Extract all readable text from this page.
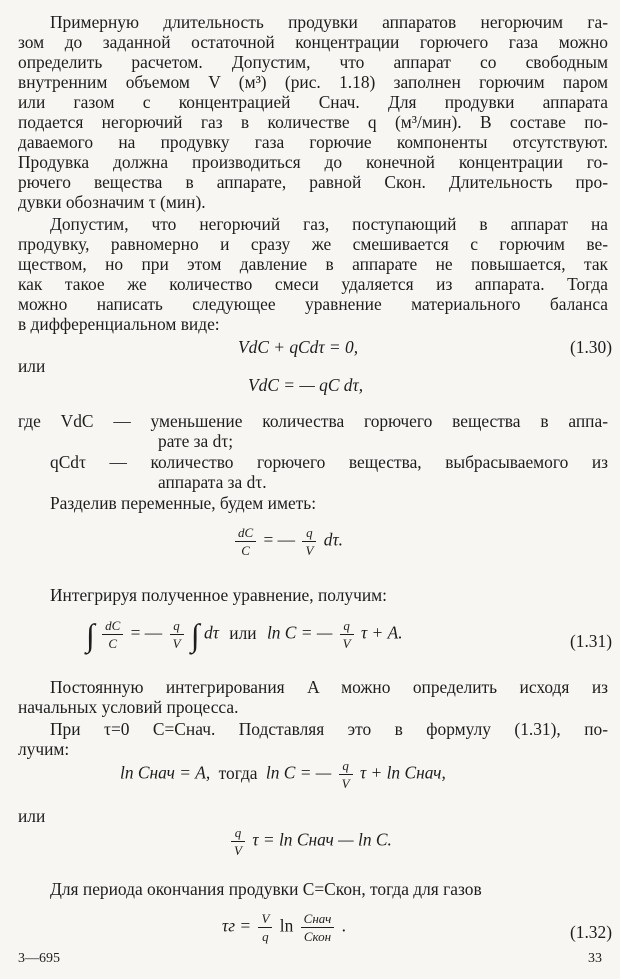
Примерную длительность продувки аппаратов негорючим га-
зом до заданной остаточной концентрации горючего газа можно
определить расчетом. Допустим, что аппарат со свободным
внутренним объемом V (м³) (рис. 1.18) заполнен горючим паром
или газом с концентрацией Cнач. Для продувки аппарата
подается негорючий газ в количестве q (м³/мин). В составе по-
даваемого на продувку газа горючие компоненты отсутствуют.
Продувка должна производиться до конечной концентрации го-
рючего вещества в аппарате, равной Cкон. Длительность про-
дувки обозначим τ (мин).
Допустим, что негорючий газ, поступающий в аппарат на
продувку, равномерно и сразу же смешивается с горючим ве-
ществом, но при этом давление в аппарате не повышается, так
как такое же количество смеси удаляется из аппарата. Тогда
можно написать следующее уравнение материального баланса
в дифференциальном виде:
VdC + qCdτ = 0,	(1.30)
или
VdC = — qC dτ,
где VdC — уменьшение количества горючего вещества в аппа-
рате за dτ;
qCdτ — количество горючего вещества, выбрасываемого из
аппарата за dτ.
Разделив переменные, будем иметь:
$\frac{dC}{C}$ = — $\frac{q}{V} d\tau$.
Интегрируя полученное уравнение, получим:
∫ $\frac{dC}{C}$ = — $\frac{q}{V}$ ∫ dτ или ln C = — $\frac{q}{V}$ τ + A.	(1.31)
Постоянную интегрирования A можно определить исходя из
начальных условий процесса.
При τ=0 C=Cнач. Подставляя это в формулу (1.31), по-
лучим:
ln Cнач = A, тогда ln C = — $\frac{q}{V}$ τ + ln Cнач,
или
$\frac{q}{V}$ τ = ln Cнач — ln C.
Для периода окончания продувки C=Cкон, тогда для газов
$\tau г = \frac{V}{q}$ $\ln \frac{\text{Cнач}}{\text{Cкон}}$ .	(1.32)
3—695	33
